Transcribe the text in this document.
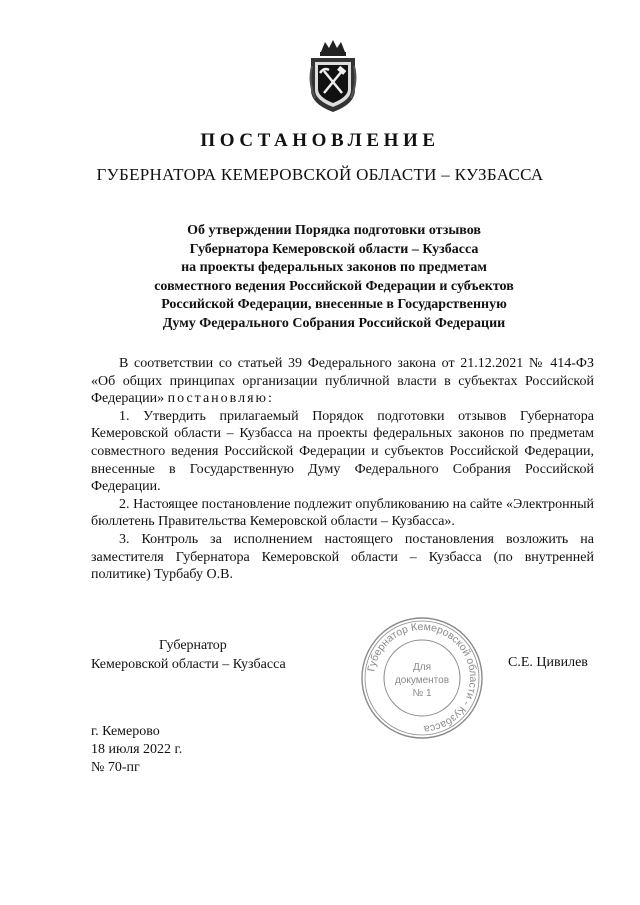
ПОСТАНОВЛЕНИЕ
ГУБЕРНАТОРА КЕМЕРОВСКОЙ ОБЛАСТИ – КУЗБАССА
Об утверждении Порядка подготовки отзывов
Губернатора Кемеровской области – Кузбасса
на проекты федеральных законов по предметам
совместного ведения Российской Федерации и субъектов
Российской Федерации, внесенные в Государственную
Думу Федерального Собрания Российской Федерации

В соответствии со статьей 39 Федерального закона от 21.12.2021 № 414-ФЗ «Об общих принципах организации публичной власти в субъектах Российской Федерации» постановляю:

1. Утвердить прилагаемый Порядок подготовки отзывов Губернатора Кемеровской области – Кузбасса на проекты федеральных законов по предметам совместного ведения Российской Федерации и субъектов Российской Федерации, внесенные в Государственную Думу Федерального Собрания Российской Федерации.

2. Настоящее постановление подлежит опубликованию на сайте «Электронный бюллетень Правительства Кемеровской области – Кузбасса».

3. Контроль за исполнением настоящего постановления возложить на заместителя Губернатора Кемеровской области – Кузбасса (по внутренней политике) Турбабу О.В.

Губернатор
Кемеровской области – Кузбасса	Губернатор Кемеровской области - Кузбасса
Для
документов
№ 1
С.Е. Цивилев
г. Кемерово
18 июля 2022 г.
№ 70-пг
